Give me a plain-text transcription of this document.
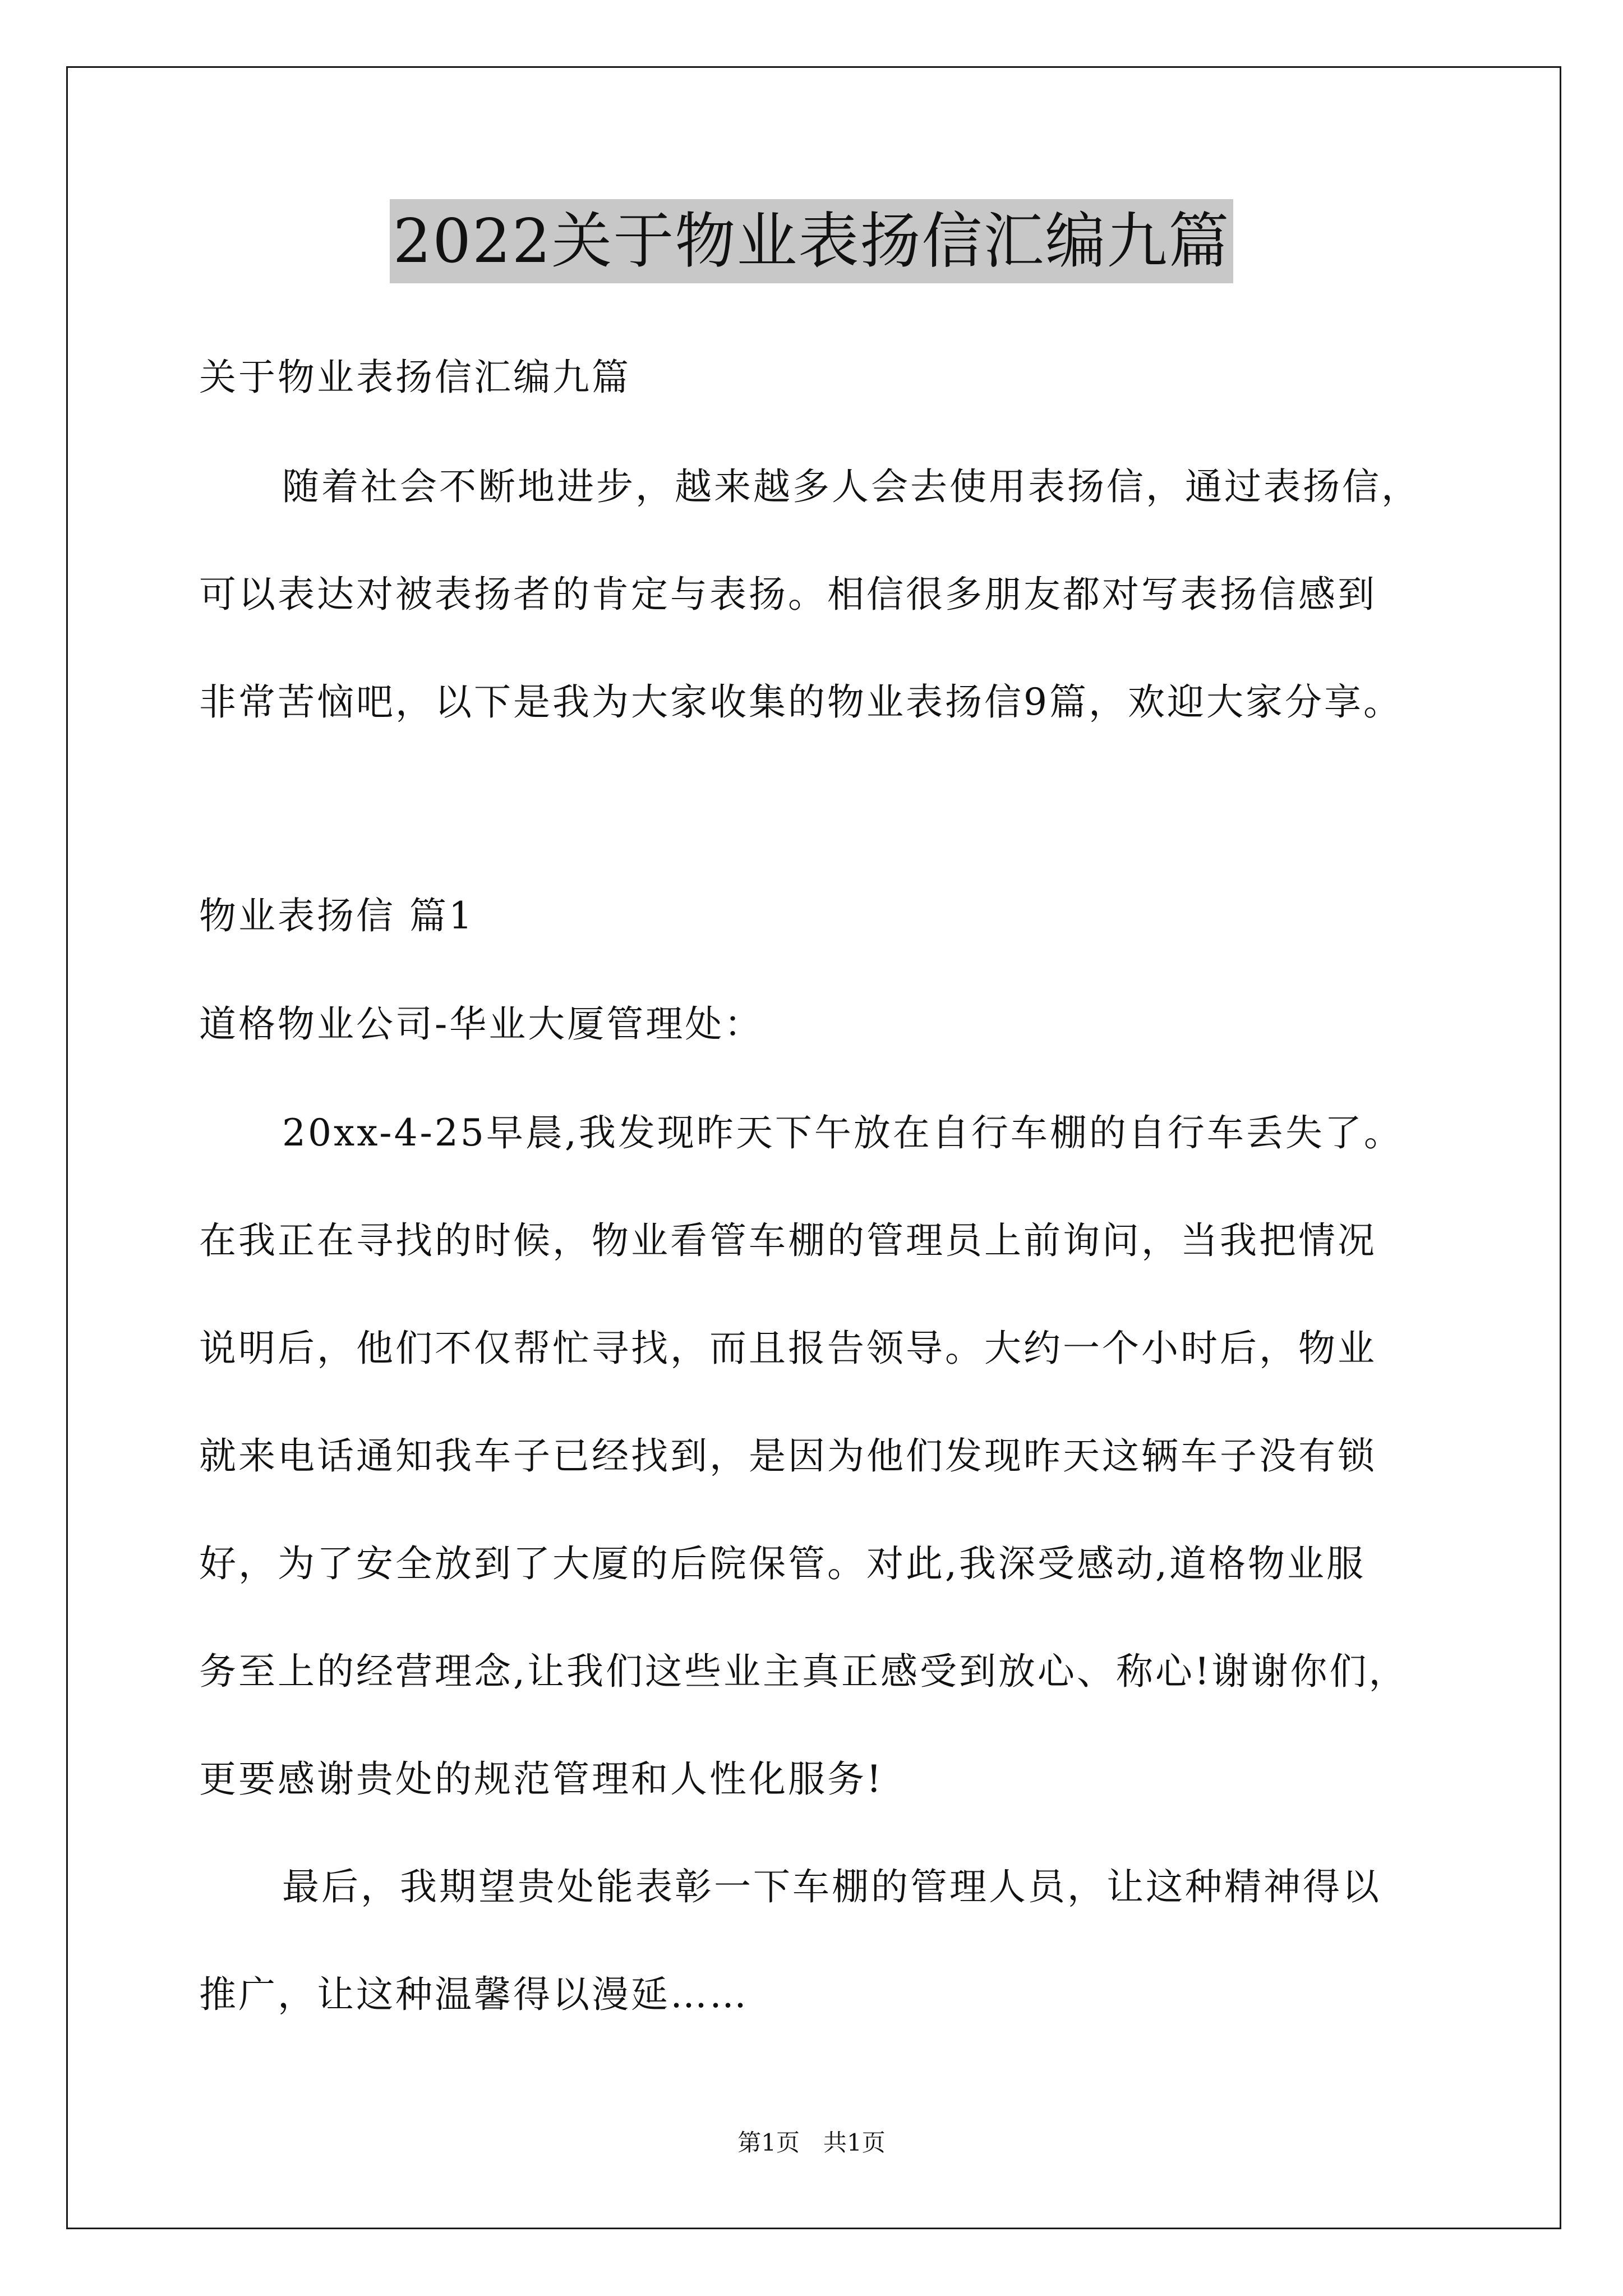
2022关于物业表扬信汇编九篇
关于物业表扬信汇编九篇
随着社会不断地进步，越来越多人会去使用表扬信，通过表扬信，
可以表达对被表扬者的肯定与表扬。相信很多朋友都对写表扬信感到
非常苦恼吧，以下是我为大家收集的物业表扬信9篇，欢迎大家分享。
物业表扬信 篇1
道格物业公司-华业大厦管理处：
20xx-4-25早晨,我发现昨天下午放在自行车棚的自行车丢失了。
在我正在寻找的时候，物业看管车棚的管理员上前询问，当我把情况
说明后，他们不仅帮忙寻找，而且报告领导。大约一个小时后，物业
就来电话通知我车子已经找到，是因为他们发现昨天这辆车子没有锁
好，为了安全放到了大厦的后院保管。对此,我深受感动,道格物业服
务至上的经营理念,让我们这些业主真正感受到放心、称心!谢谢你们，
更要感谢贵处的规范管理和人性化服务!
最后，我期望贵处能表彰一下车棚的管理人员，让这种精神得以
推广，让这种温馨得以漫延……
第1页　共1页
